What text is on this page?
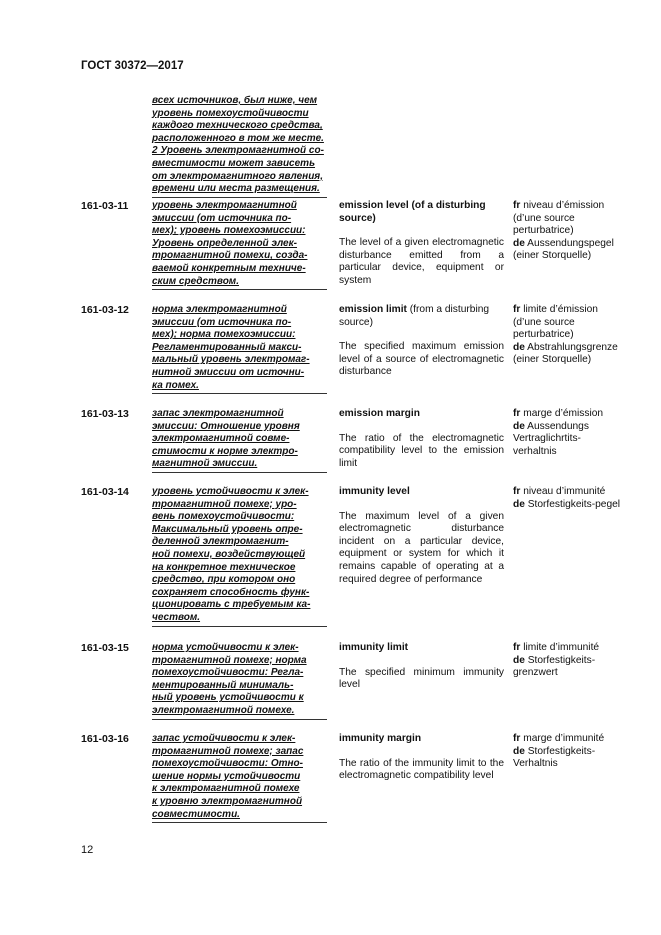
ГОСТ 30372—2017
всех источников, был ниже, чем
уровень помехоустойчивости
каждого технического средства,
расположенного в том же месте.
2 Уровень электромагнитной со-
вместимости может зависеть
от электромагнитного явления,
времени или места размещения.
161-03-11 уровень электромагнитной
эмиссии (от источника по-
мех); уровень помехоэмиссии:
Уровень определенной элек-
тромагнитной помехи, созда-
ваемой конкретным техниче-
ским средством.
emission level (of a disturbing source)
The level of a given electromagnetic disturbance emitted from a particular device, equipment or system
fr niveau d’émission (d’une source perturbatrice)
de Aussendungspegel (einer Storquelle)
161-03-12 норма электромагнитной
эмиссии (от источника по-
мех); норма помехоэмиссии:
Регламентированный макси-
мальный уровень электромаг-
нитной эмиссии от источни-
ка помех.
emission limit (from a disturbing source)
The specified maximum emission level of a source of electromagnetic disturbance
fr limite d’émission (d’une source perturbatrice)
de Abstrahlungsgrenze (einer Storquelle)
161-03-13 запас электромагнитной
эмиссии: Отношение уровня
электромагнитной совме-
стимости к норме электро-
магнитной эмиссии.
emission margin
The ratio of the electromagnetic compatibility level to the emission limit
fr marge d’émission
de Aussendungs Vertraglichrtits-verhaltnis
161-03-14 уровень устойчивости к элек-
тромагнитной помехе; уро-
вень помехоустойчивости:
Максимальный уровень опре-
деленной электромагнит-
ной помехи, воздействующей
на конкретное техническое
средство, при котором оно
сохраняет способность функ-
ционировать с требуемым ка-
чеством.
immunity level
The maximum level of a given electromagnetic disturbance incident on a particular device, equipment or system for which it remains capable of operating at a required degree of performance
fr niveau d’immunité
de Storfestigkeits-pegel
161-03-15 норма устойчивости к элек-
тромагнитной помехе; норма
помехоустойчивости: Регла-
ментированный минималь-
ный уровень устойчивости к
электромагнитной помехе.
immunity limit
The specified minimum immunity level
fr limite d’immunité
de Storfestigkeits-grenzwert
161-03-16 запас устойчивости к элек-
тромагнитной помехе; запас
помехоустойчивости: Отно-
шение нормы устойчивости
к электромагнитной помехе
к уровню электромагнитной
совместимости.
immunity margin
The ratio of the immunity limit to the electromagnetic compatibility level
fr marge d’immunité
de Storfestigkeits-Verhaltnis
12
